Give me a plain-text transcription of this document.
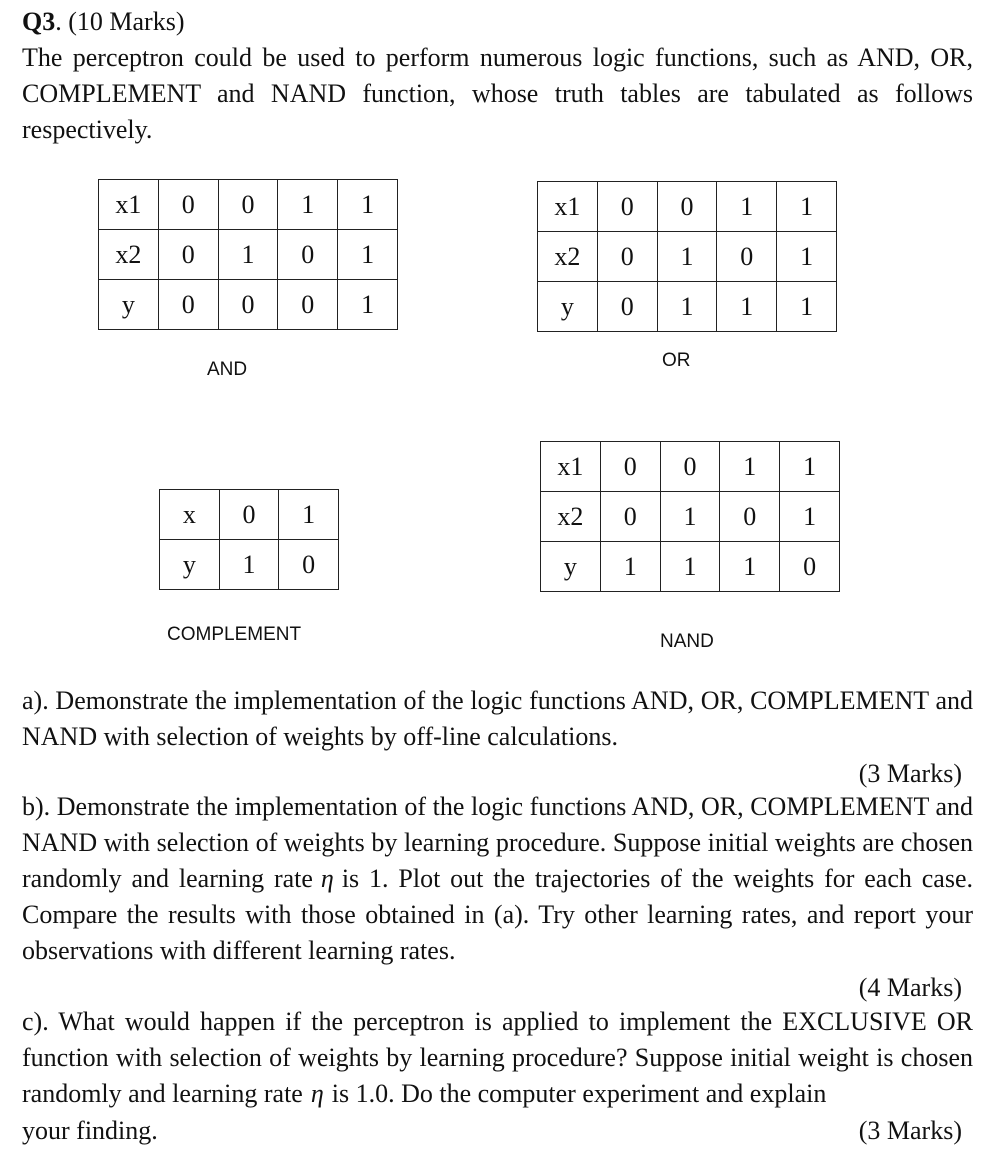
Q3. (10 Marks)
The perceptron could be used to perform numerous logic functions, such as AND, OR, COMPLEMENT and NAND function, whose truth tables are tabulated as follows respectively.
x1	0	0	1	1
x2	0	1	0	1
y	0	0	0	1
AND
x1	0	0	1	1
x2	0	1	0	1
y	0	1	1	1
OR
x	0	1
y	1	0
COMPLEMENT
x1	0	0	1	1
x2	0	1	0	1
y	1	1	1	0
NAND
a). Demonstrate the implementation of the logic functions AND, OR, COMPLEMENT and NAND with selection of weights by off-line calculations.
(3 Marks)
b). Demonstrate the implementation of the logic functions AND, OR, COMPLEMENT and NAND with selection of weights by learning procedure. Suppose initial weights are chosen randomly and learning rate η is 1. Plot out the trajectories of the weights for each case. Compare the results with those obtained in (a). Try other learning rates, and report your observations with different learning rates.
(4 Marks)
c). What would happen if the perceptron is applied to implement the EXCLUSIVE OR function with selection of weights by learning procedure? Suppose initial weight is chosen randomly and learning rate η is 1.0. Do the computer experiment and explain
your finding.	(3 Marks)
